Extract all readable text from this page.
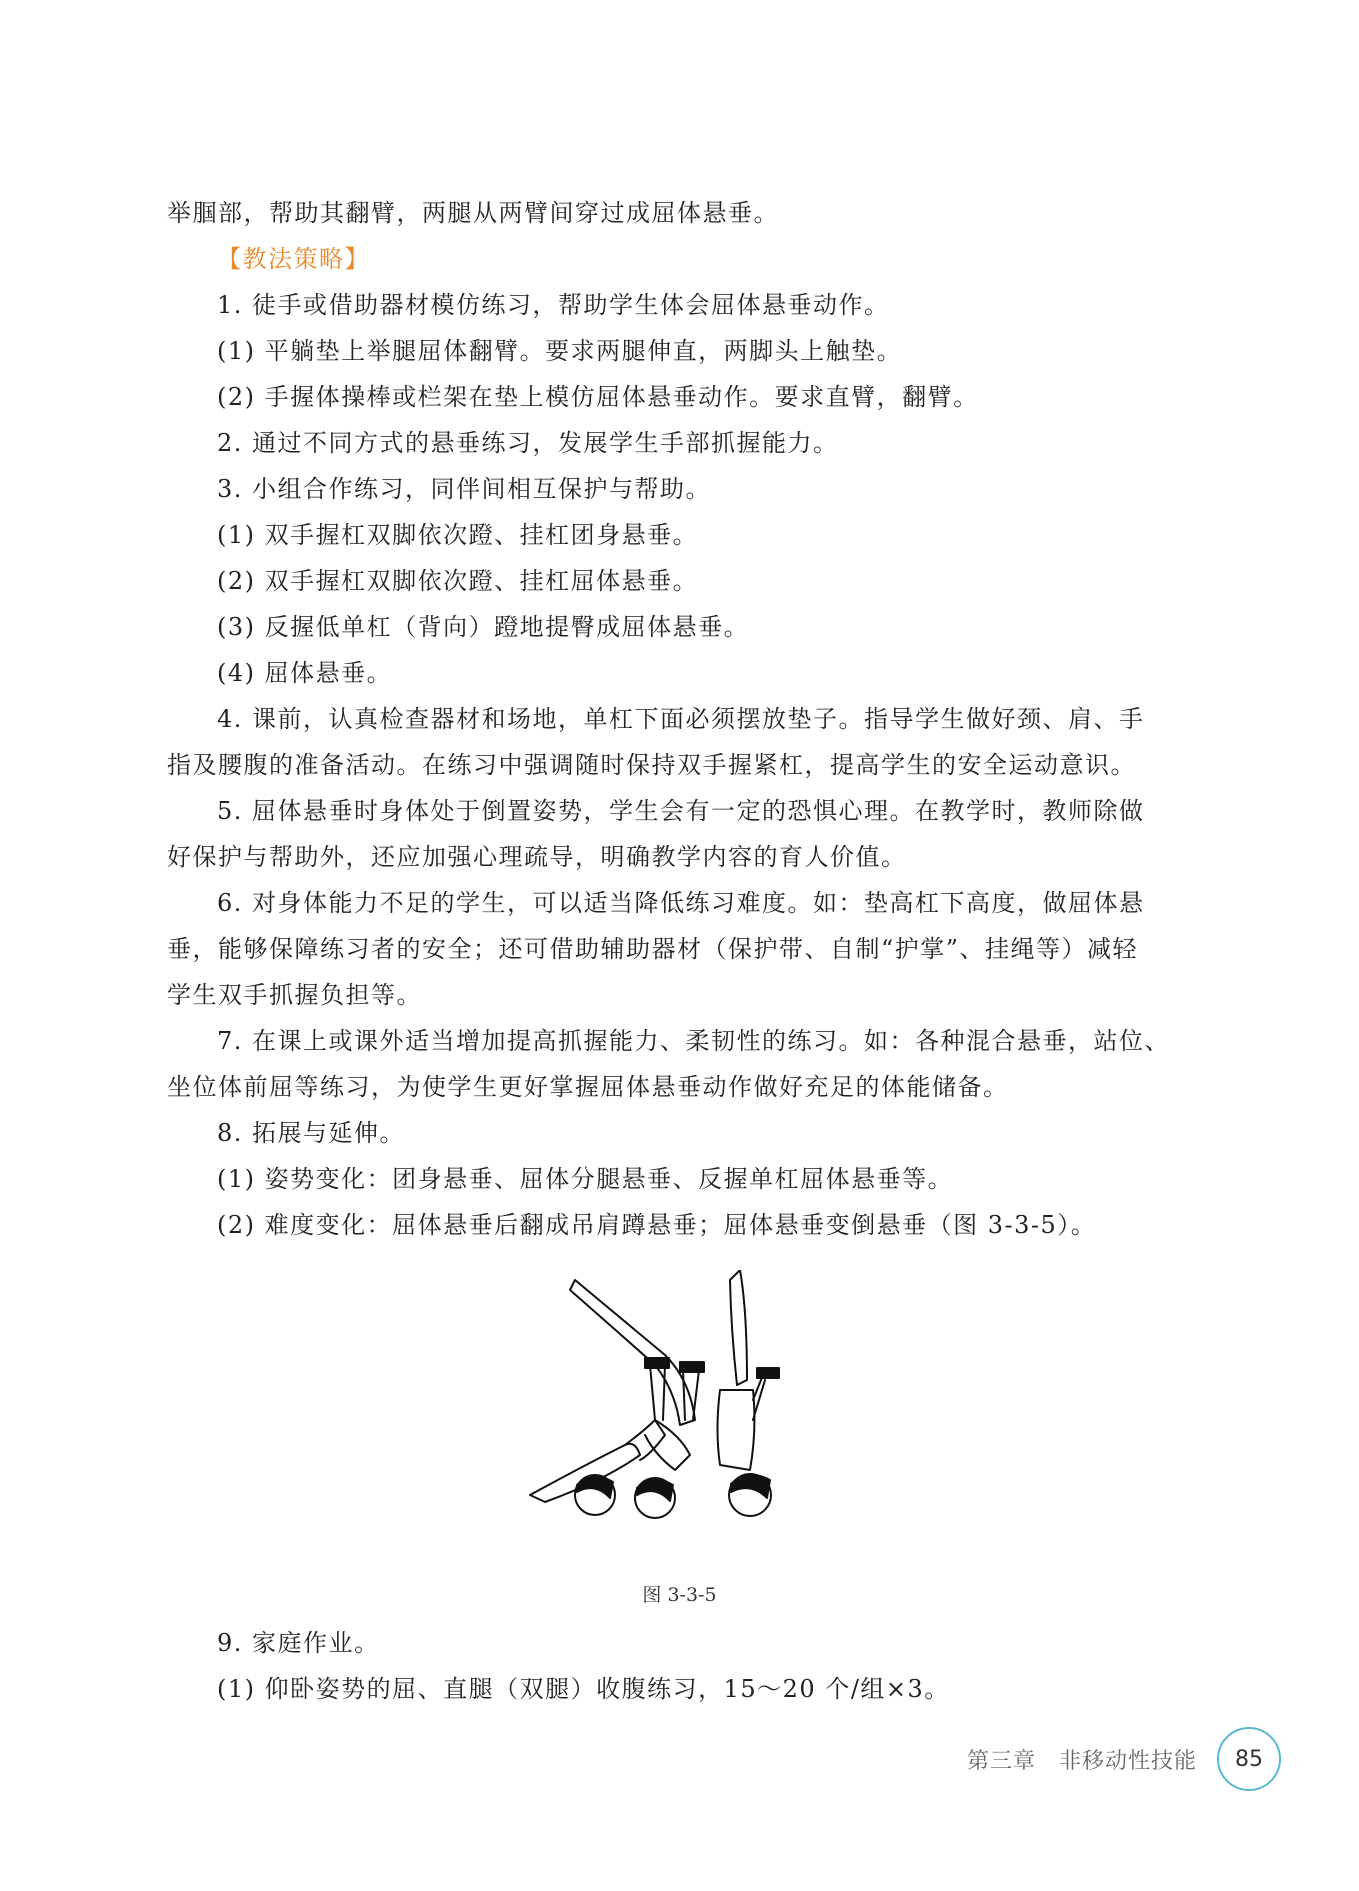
举腘部，帮助其翻臂，两腿从两臂间穿过成屈体悬垂。
【教法策略】
1. 徒手或借助器材模仿练习，帮助学生体会屈体悬垂动作。
(1) 平躺垫上举腿屈体翻臂。要求两腿伸直，两脚头上触垫。
(2) 手握体操棒或栏架在垫上模仿屈体悬垂动作。要求直臂，翻臂。
2. 通过不同方式的悬垂练习，发展学生手部抓握能力。
3. 小组合作练习，同伴间相互保护与帮助。
(1) 双手握杠双脚依次蹬、挂杠团身悬垂。
(2) 双手握杠双脚依次蹬、挂杠屈体悬垂。
(3) 反握低单杠（背向）蹬地提臀成屈体悬垂。
(4) 屈体悬垂。
4. 课前，认真检查器材和场地，单杠下面必须摆放垫子。指导学生做好颈、肩、手
指及腰腹的准备活动。在练习中强调随时保持双手握紧杠，提高学生的安全运动意识。
5. 屈体悬垂时身体处于倒置姿势，学生会有一定的恐惧心理。在教学时，教师除做
好保护与帮助外，还应加强心理疏导，明确教学内容的育人价值。
6. 对身体能力不足的学生，可以适当降低练习难度。如：垫高杠下高度，做屈体悬
垂，能够保障练习者的安全；还可借助辅助器材（保护带、自制“护掌”、挂绳等）减轻
学生双手抓握负担等。
7. 在课上或课外适当增加提高抓握能力、柔韧性的练习。如：各种混合悬垂，站位、
坐位体前屈等练习，为使学生更好掌握屈体悬垂动作做好充足的体能储备。
8. 拓展与延伸。
(1) 姿势变化：团身悬垂、屈体分腿悬垂、反握单杠屈体悬垂等。
(2) 难度变化：屈体悬垂后翻成吊肩蹲悬垂；屈体悬垂变倒悬垂（图 3-3-5）。
图 3-3-5
9. 家庭作业。
(1) 仰卧姿势的屈、直腿（双腿）收腹练习，15～20 个/组×3。
第三章　非移动性技能	85
